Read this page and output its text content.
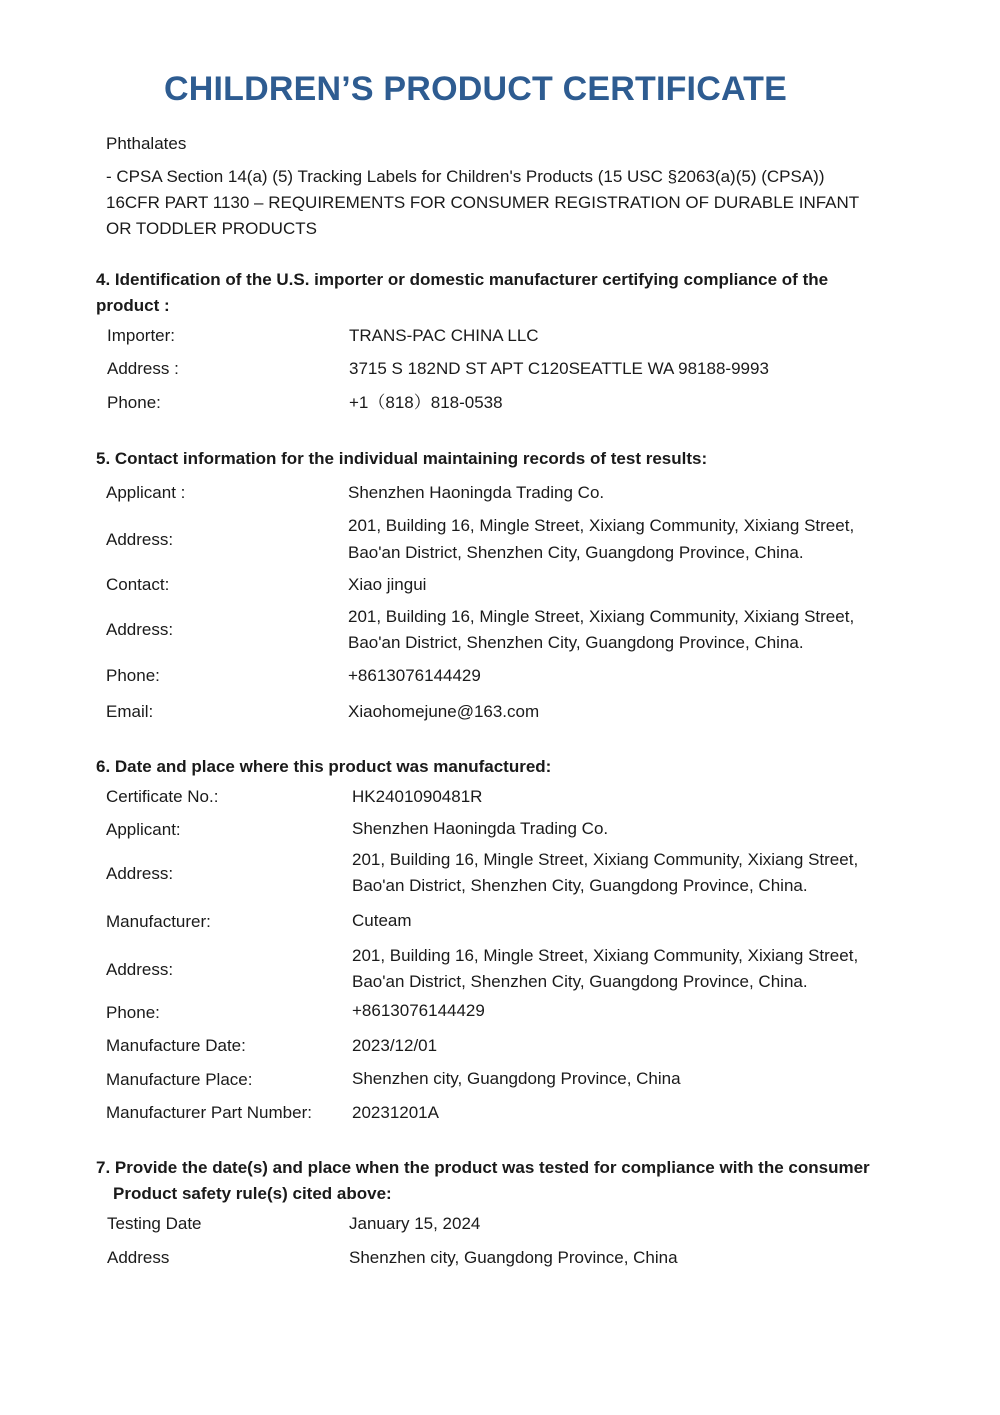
CHILDREN’S PRODUCT CERTIFICATE
Phthalates
- CPSA Section 14(a) (5) Tracking Labels for Children's Products (15 USC §2063(a)(5) (CPSA))
16CFR PART 1130 – REQUIREMENTS FOR CONSUMER REGISTRATION OF DURABLE INFANT
OR TODDLER PRODUCTS
4. Identification of the U.S. importer or domestic manufacturer certifying compliance of the
product :
Importer:	TRANS-PAC CHINA LLC
Address :	3715 S 182ND ST APT C120SEATTLE WA 98188-9993
Phone:	+1（818）818-0538
5. Contact information for the individual maintaining records of test results:
Applicant :	Shenzhen Haoningda Trading Co.
Address:
201, Building 16, Mingle Street, Xixiang Community, Xixiang Street,
Bao'an District, Shenzhen City, Guangdong Province, China.
Contact:	Xiao jingui
Address:
201, Building 16, Mingle Street, Xixiang Community, Xixiang Street,
Bao'an District, Shenzhen City, Guangdong Province, China.
Phone:	+8613076144429
Email:	Xiaohomejune@163.com
6. Date and place where this product was manufactured:
Certificate No.:	HK2401090481R
Applicant:	Shenzhen Haoningda Trading Co.
Address:
201, Building 16, Mingle Street, Xixiang Community, Xixiang Street,
Bao'an District, Shenzhen City, Guangdong Province, China.
Manufacturer:	Cuteam
Address:
201, Building 16, Mingle Street, Xixiang Community, Xixiang Street,
Bao'an District, Shenzhen City, Guangdong Province, China.
Phone:	+8613076144429
Manufacture Date:	2023/12/01
Manufacture Place:	Shenzhen city, Guangdong Province, China
Manufacturer Part Number: 20231201A
7. Provide the date(s) and place when the product was tested for compliance with the consumer
Product safety rule(s) cited above:
Testing Date	January 15, 2024
Address	Shenzhen city, Guangdong Province, China
